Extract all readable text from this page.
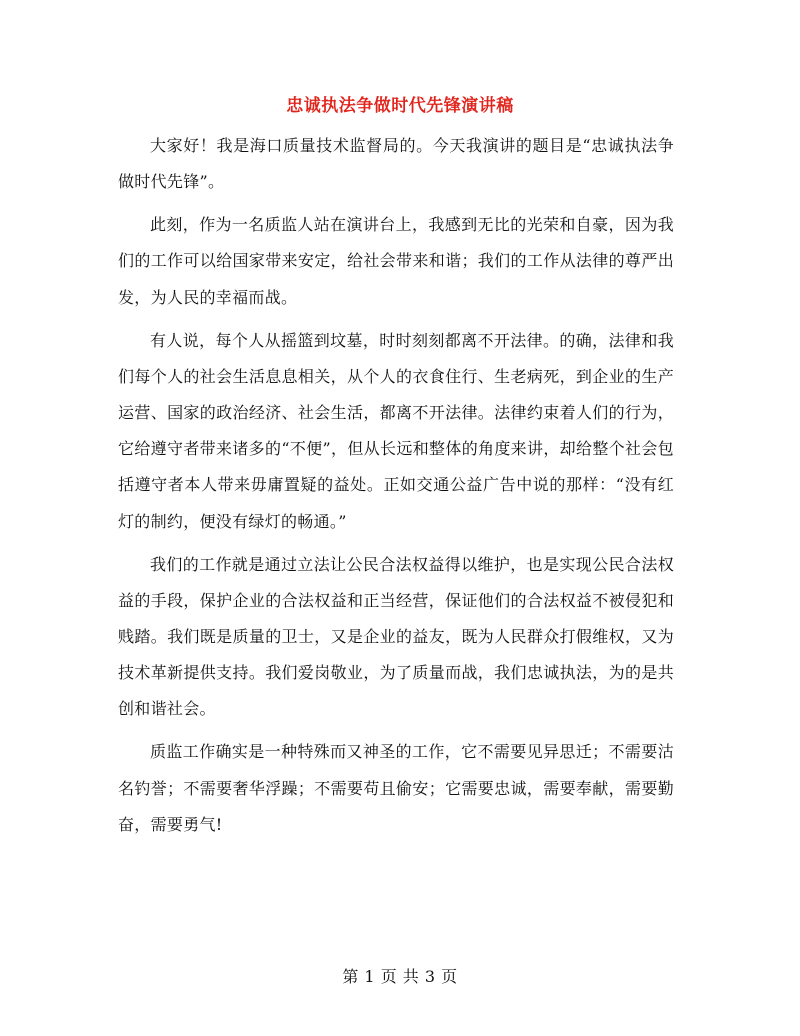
忠诚执法争做时代先锋演讲稿

大家好！我是海口质量技术监督局的。今天我演讲的题目是“忠诚执法争做时代先锋”。

此刻，作为一名质监人站在演讲台上，我感到无比的光荣和自豪，因为我们的工作可以给国家带来安定，给社会带来和谐；我们的工作从法律的尊严出发，为人民的幸福而战。

有人说，每个人从摇篮到坟墓，时时刻刻都离不开法律。的确，法律和我们每个人的社会生活息息相关，从个人的衣食住行、生老病死，到企业的生产运营、国家的政治经济、社会生活，都离不开法律。法律约束着人们的行为，它给遵守者带来诸多的“不便”，但从长远和整体的角度来讲，却给整个社会包括遵守者本人带来毋庸置疑的益处。正如交通公益广告中说的那样：“没有红灯的制约，便没有绿灯的畅通。”

我们的工作就是通过立法让公民合法权益得以维护，也是实现公民合法权益的手段，保护企业的合法权益和正当经营，保证他们的合法权益不被侵犯和贱踏。我们既是质量的卫士，又是企业的益友，既为人民群众打假维权，又为技术革新提供支持。我们爱岗敬业，为了质量而战，我们忠诚执法，为的是共创和谐社会。

质监工作确实是一种特殊而又神圣的工作，它不需要见异思迁；不需要沽名钓誉；不需要奢华浮躁；不需要苟且偷安；它需要忠诚，需要奉献，需要勤奋，需要勇气!

第 1 页 共 3 页
